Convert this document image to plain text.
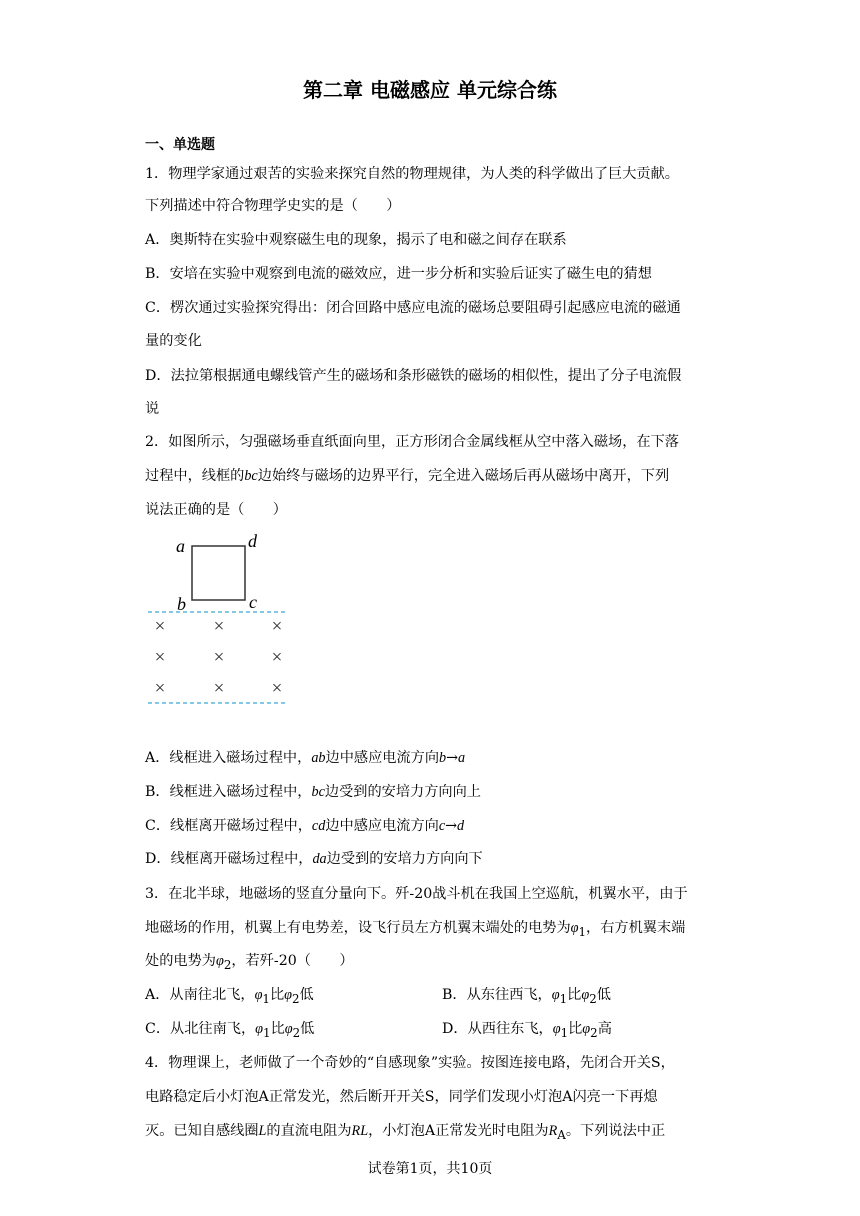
第二章 电磁感应 单元综合练
一、单选题
1．物理学家通过艰苦的实验来探究自然的物理规律，为人类的科学做出了巨大贡献。
下列描述中符合物理学史实的是（　　）
A．奥斯特在实验中观察磁生电的现象，揭示了电和磁之间存在联系
B．安培在实验中观察到电流的磁效应，进一步分析和实验后证实了磁生电的猜想
C．楞次通过实验探究得出：闭合回路中感应电流的磁场总要阻碍引起感应电流的磁通
量的变化
D．法拉第根据通电螺线管产生的磁场和条形磁铁的磁场的相似性，提出了分子电流假
说
2．如图所示，匀强磁场垂直纸面向里，正方形闭合金属线框从空中落入磁场，在下落
过程中，线框的bc边始终与磁场的边界平行，完全进入磁场后再从磁场中离开，下列
说法正确的是（　　）
a	d
b	c
×	× ×
×	× ×
×	× ×
A．线框进入磁场过程中，ab边中感应电流方向b→a
B．线框进入磁场过程中，bc边受到的安培力方向向上
C．线框离开磁场过程中，cd边中感应电流方向c→d
D．线框离开磁场过程中，da边受到的安培力方向向下
3．在北半球，地磁场的竖直分量向下。歼-20战斗机在我国上空巡航，机翼水平，由于
地磁场的作用，机翼上有电势差，设飞行员左方机翼末端处的电势为$\varphi_1$，右方机翼末端
处的电势为$\varphi_2$，若歼-20（　　）
A．从南往北飞，$\varphi_1$比$\varphi_2$低	B．从东往西飞，$\varphi_1$比$\varphi_2$低
C．从北往南飞，$\varphi_1$比$\varphi_2$低	D．从西往东飞，$\varphi_1$比$\varphi_2$高
4．物理课上，老师做了一个奇妙的“自感现象”实验。按图连接电路，先闭合开关S，
电路稳定后小灯泡A正常发光，然后断开开关S，同学们发现小灯泡A闪亮一下再熄
灭。已知自感线圈L的直流电阻为RL，小灯泡A正常发光时电阻为$R_A$。下列说法中正
试卷第1页，共10页
